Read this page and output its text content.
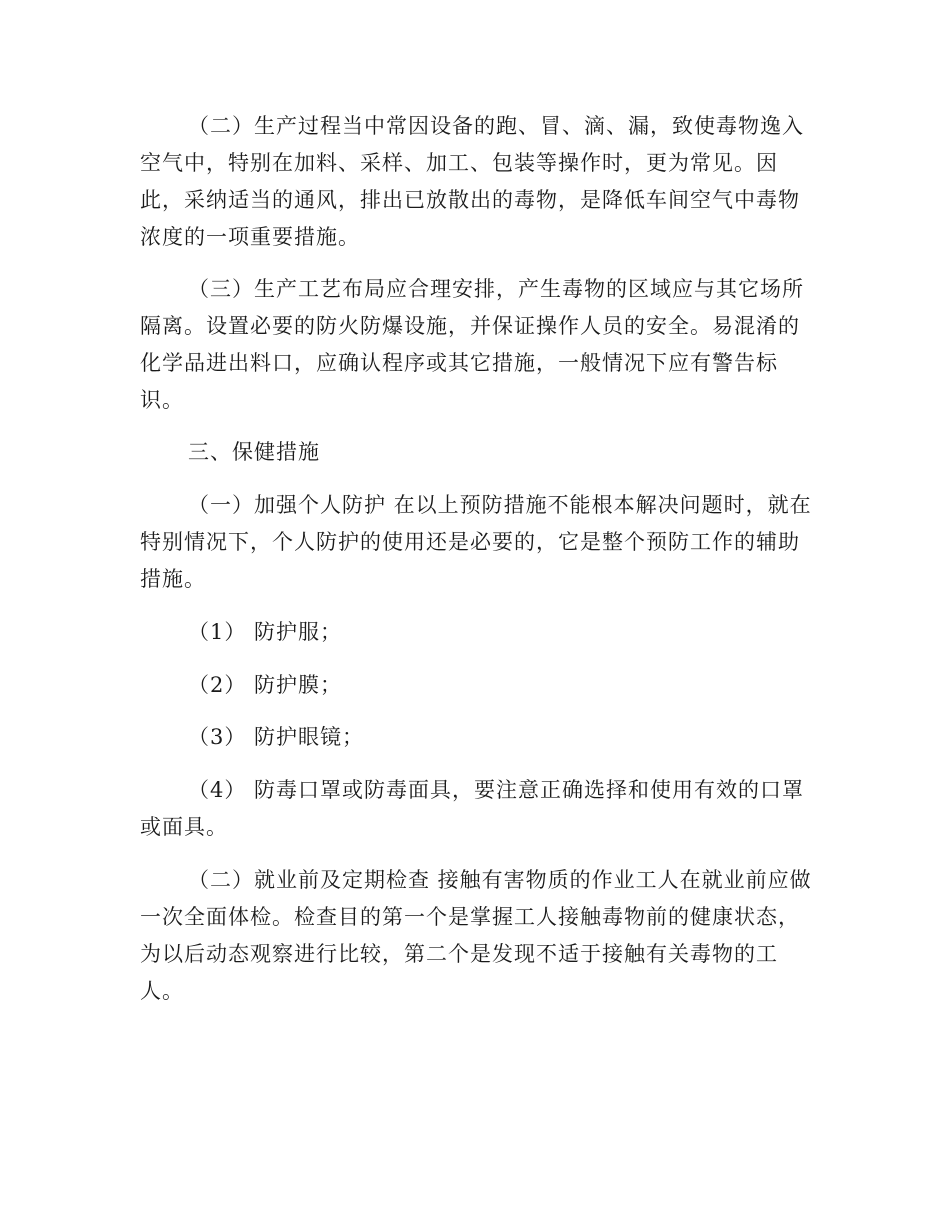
（二）生产过程当中常因设备的跑、冒、滴、漏，致使毒物逸入
空气中，特别在加料、采样、加工、包装等操作时，更为常见。因
此，采纳适当的通风，排出已放散出的毒物，是降低车间空气中毒物
浓度的一项重要措施。

（三）生产工艺布局应合理安排，产生毒物的区域应与其它场所
隔离。设置必要的防火防爆设施，并保证操作人员的安全。易混淆的
化学品进出料口，应确认程序或其它措施，一般情况下应有警告标
识。

三、保健措施

（一）加强个人防护 在以上预防措施不能根本解决问题时，就在
特别情况下，个人防护的使用还是必要的，它是整个预防工作的辅助
措施。

（1） 防护服；

（2） 防护膜；

（3） 防护眼镜；

（4） 防毒口罩或防毒面具，要注意正确选择和使用有效的口罩
或面具。

（二）就业前及定期检查 接触有害物质的作业工人在就业前应做
一次全面体检。检查目的第一个是掌握工人接触毒物前的健康状态，
为以后动态观察进行比较，第二个是发现不适于接触有关毒物的工
人。
